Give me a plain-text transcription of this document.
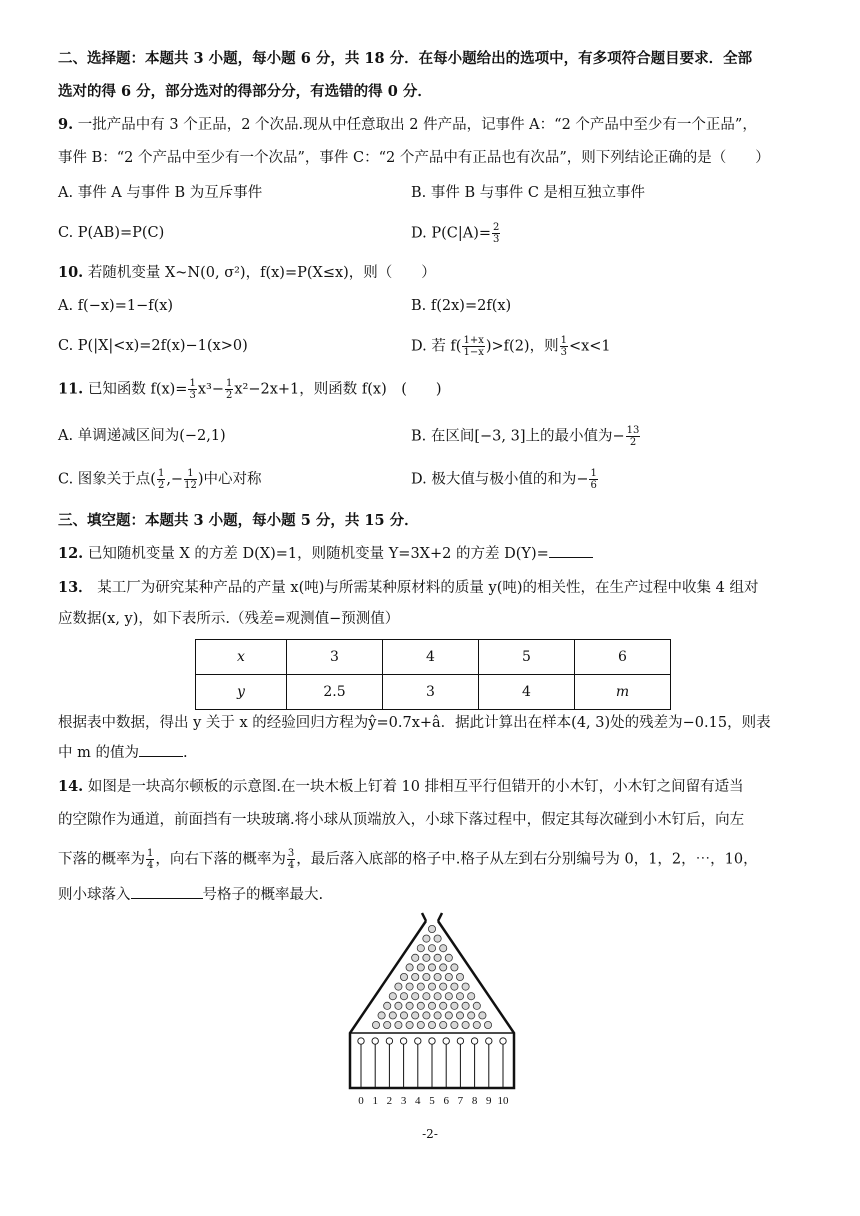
二、选择题：本题共 3 小题，每小题 6 分，共 18 分．在每小题给出的选项中，有多项符合题目要求．全部
选对的得 6 分，部分选对的得部分分，有选错的得 0 分．
9. 一批产品中有 3 个正品，2 个次品.现从中任意取出 2 件产品，记事件 A：“2 个产品中至少有一个正品”，
事件 B：“2 个产品中至少有一个次品”，事件 C：“2 个产品中有正品也有次品”，则下列结论正确的是（　　）
A. 事件 A 与事件 B 为互斥事件	B. 事件 B 与事件 C 是相互独立事件
C. P(AB)=P(C)	D. $P(C|A)= \frac{2}{3}$
10. 若随机变量 X~N(0, σ²)，f(x)=P(X≤x)，则（　　）
A. f(−x)=1−f(x)	B. f(2x)=2f(x)
C. P(|X|<x)=2f(x)−1(x>0)	D. 若 $f( \frac{1+x}{1-x} )>f(2)$，则 $\frac{1}{3} <x<1$
11. 已知函数 $f(x)= \frac{1}{3} x^3- \frac{1}{2} x^2-2x+1$，则函数 f(x)　(　　)
A. 单调递减区间为(−2,1)	B. 在区间[−3, 3]上的最小值为− $\frac{13}{2}$
C. 图象关于点( $\frac{1}{2}$ ,− $\frac{1}{12}$ )中心对称	D. 极大值与极小值的和为− $\frac{1}{6}$
三、填空题：本题共 3 小题，每小题 5 分，共 15 分．
12. 已知随机变量 X 的方差 D(X)=1，则随机变量 Y=3X+2 的方差 D(Y)=
13． 某工厂为研究某种产品的产量 x(吨)与所需某种原材料的质量 y(吨)的相关性，在生产过程中收集 4 组对
应数据(x, y)，如下表所示.（残差=观测值−预测值）
x	3	4	5	6
y	2.5	3	4	m
根据表中数据，得出 y 关于 x 的经验回归方程为ŷ=0.7x+â．据此计算出在样本(4, 3)处的残差为−0.15，则表
中 m 的值为	.
14. 如图是一块高尔顿板的示意图.在一块木板上钉着 10 排相互平行但错开的小木钉，小木钉之间留有适当
的空隙作为通道，前面挡有一块玻璃.将小球从顶端放入，小球下落过程中，假定其每次碰到小木钉后，向左
下落的概率为 $\frac{1}{4}$ ，向右下落的概率为 $\frac{3}{4}$ ，最后落入底部的格子中.格子从左到右分别编号为 0，1，2，⋯，10，
则小球落入	号格子的概率最大.
0 1 2 3 4 5 6 7 8 9 10
-2-
